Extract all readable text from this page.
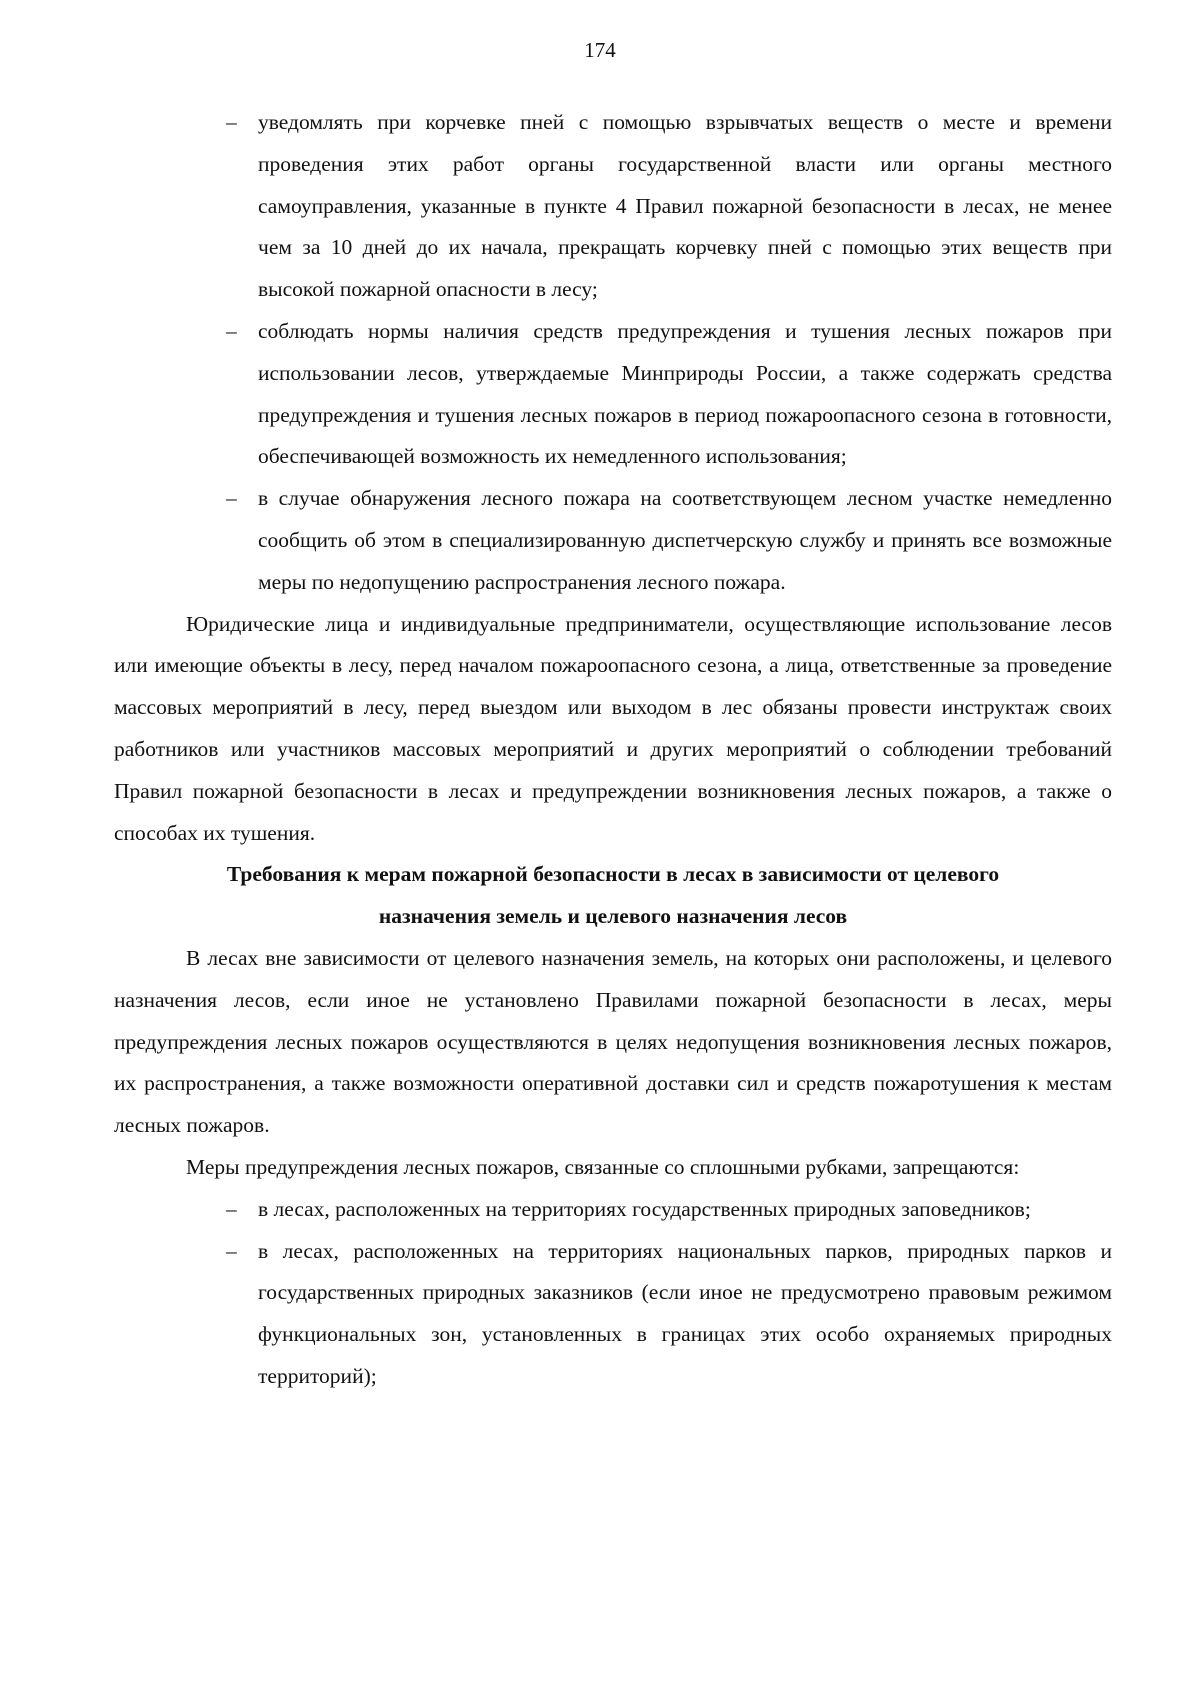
174
– уведомлять при корчевке пней с помощью взрывчатых веществ о месте и времени проведения этих работ органы государственной власти или органы местного самоуправления, указанные в пункте 4 Правил пожарной безопасности в лесах, не менее чем за 10 дней до их начала, прекращать корчевку пней с помощью этих веществ при высокой пожарной опасности в лесу;
– соблюдать нормы наличия средств предупреждения и тушения лесных пожаров при использовании лесов, утверждаемые Минприроды России, а также содержать средства предупреждения и тушения лесных пожаров в период пожароопасного сезона в готовности, обеспечивающей возможность их немедленного использования;
– в случае обнаружения лесного пожара на соответствующем лесном участке немедленно сообщить об этом в специализированную диспетчерскую службу и принять все возможные меры по недопущению распространения лесного пожара.

Юридические лица и индивидуальные предприниматели, осуществляющие использование лесов или имеющие объекты в лесу, перед началом пожароопасного сезона, а лица, ответственные за проведение массовых мероприятий в лесу, перед выездом или выходом в лес обязаны провести инструктаж своих работников или участников массовых мероприятий и других мероприятий о соблюдении требований Правил пожарной безопасности в лесах и предупреждении возникновения лесных пожаров, а также о способах их тушения.

Требования к мерам пожарной безопасности в лесах в зависимости от целевого назначения земель и целевого назначения лесов

В лесах вне зависимости от целевого назначения земель, на которых они расположены, и целевого назначения лесов, если иное не установлено Правилами пожарной безопасности в лесах, меры предупреждения лесных пожаров осуществляются в целях недопущения возникновения лесных пожаров, их распространения, а также возможности оперативной доставки сил и средств пожаротушения к местам лесных пожаров.

Меры предупреждения лесных пожаров, связанные со сплошными рубками, запрещаются:

– в лесах, расположенных на территориях государственных природных заповедников;
– в лесах, расположенных на территориях национальных парков, природных парков и государственных природных заказников (если иное не предусмотрено правовым режимом функциональных зон, установленных в границах этих особо охраняемых природных территорий);
